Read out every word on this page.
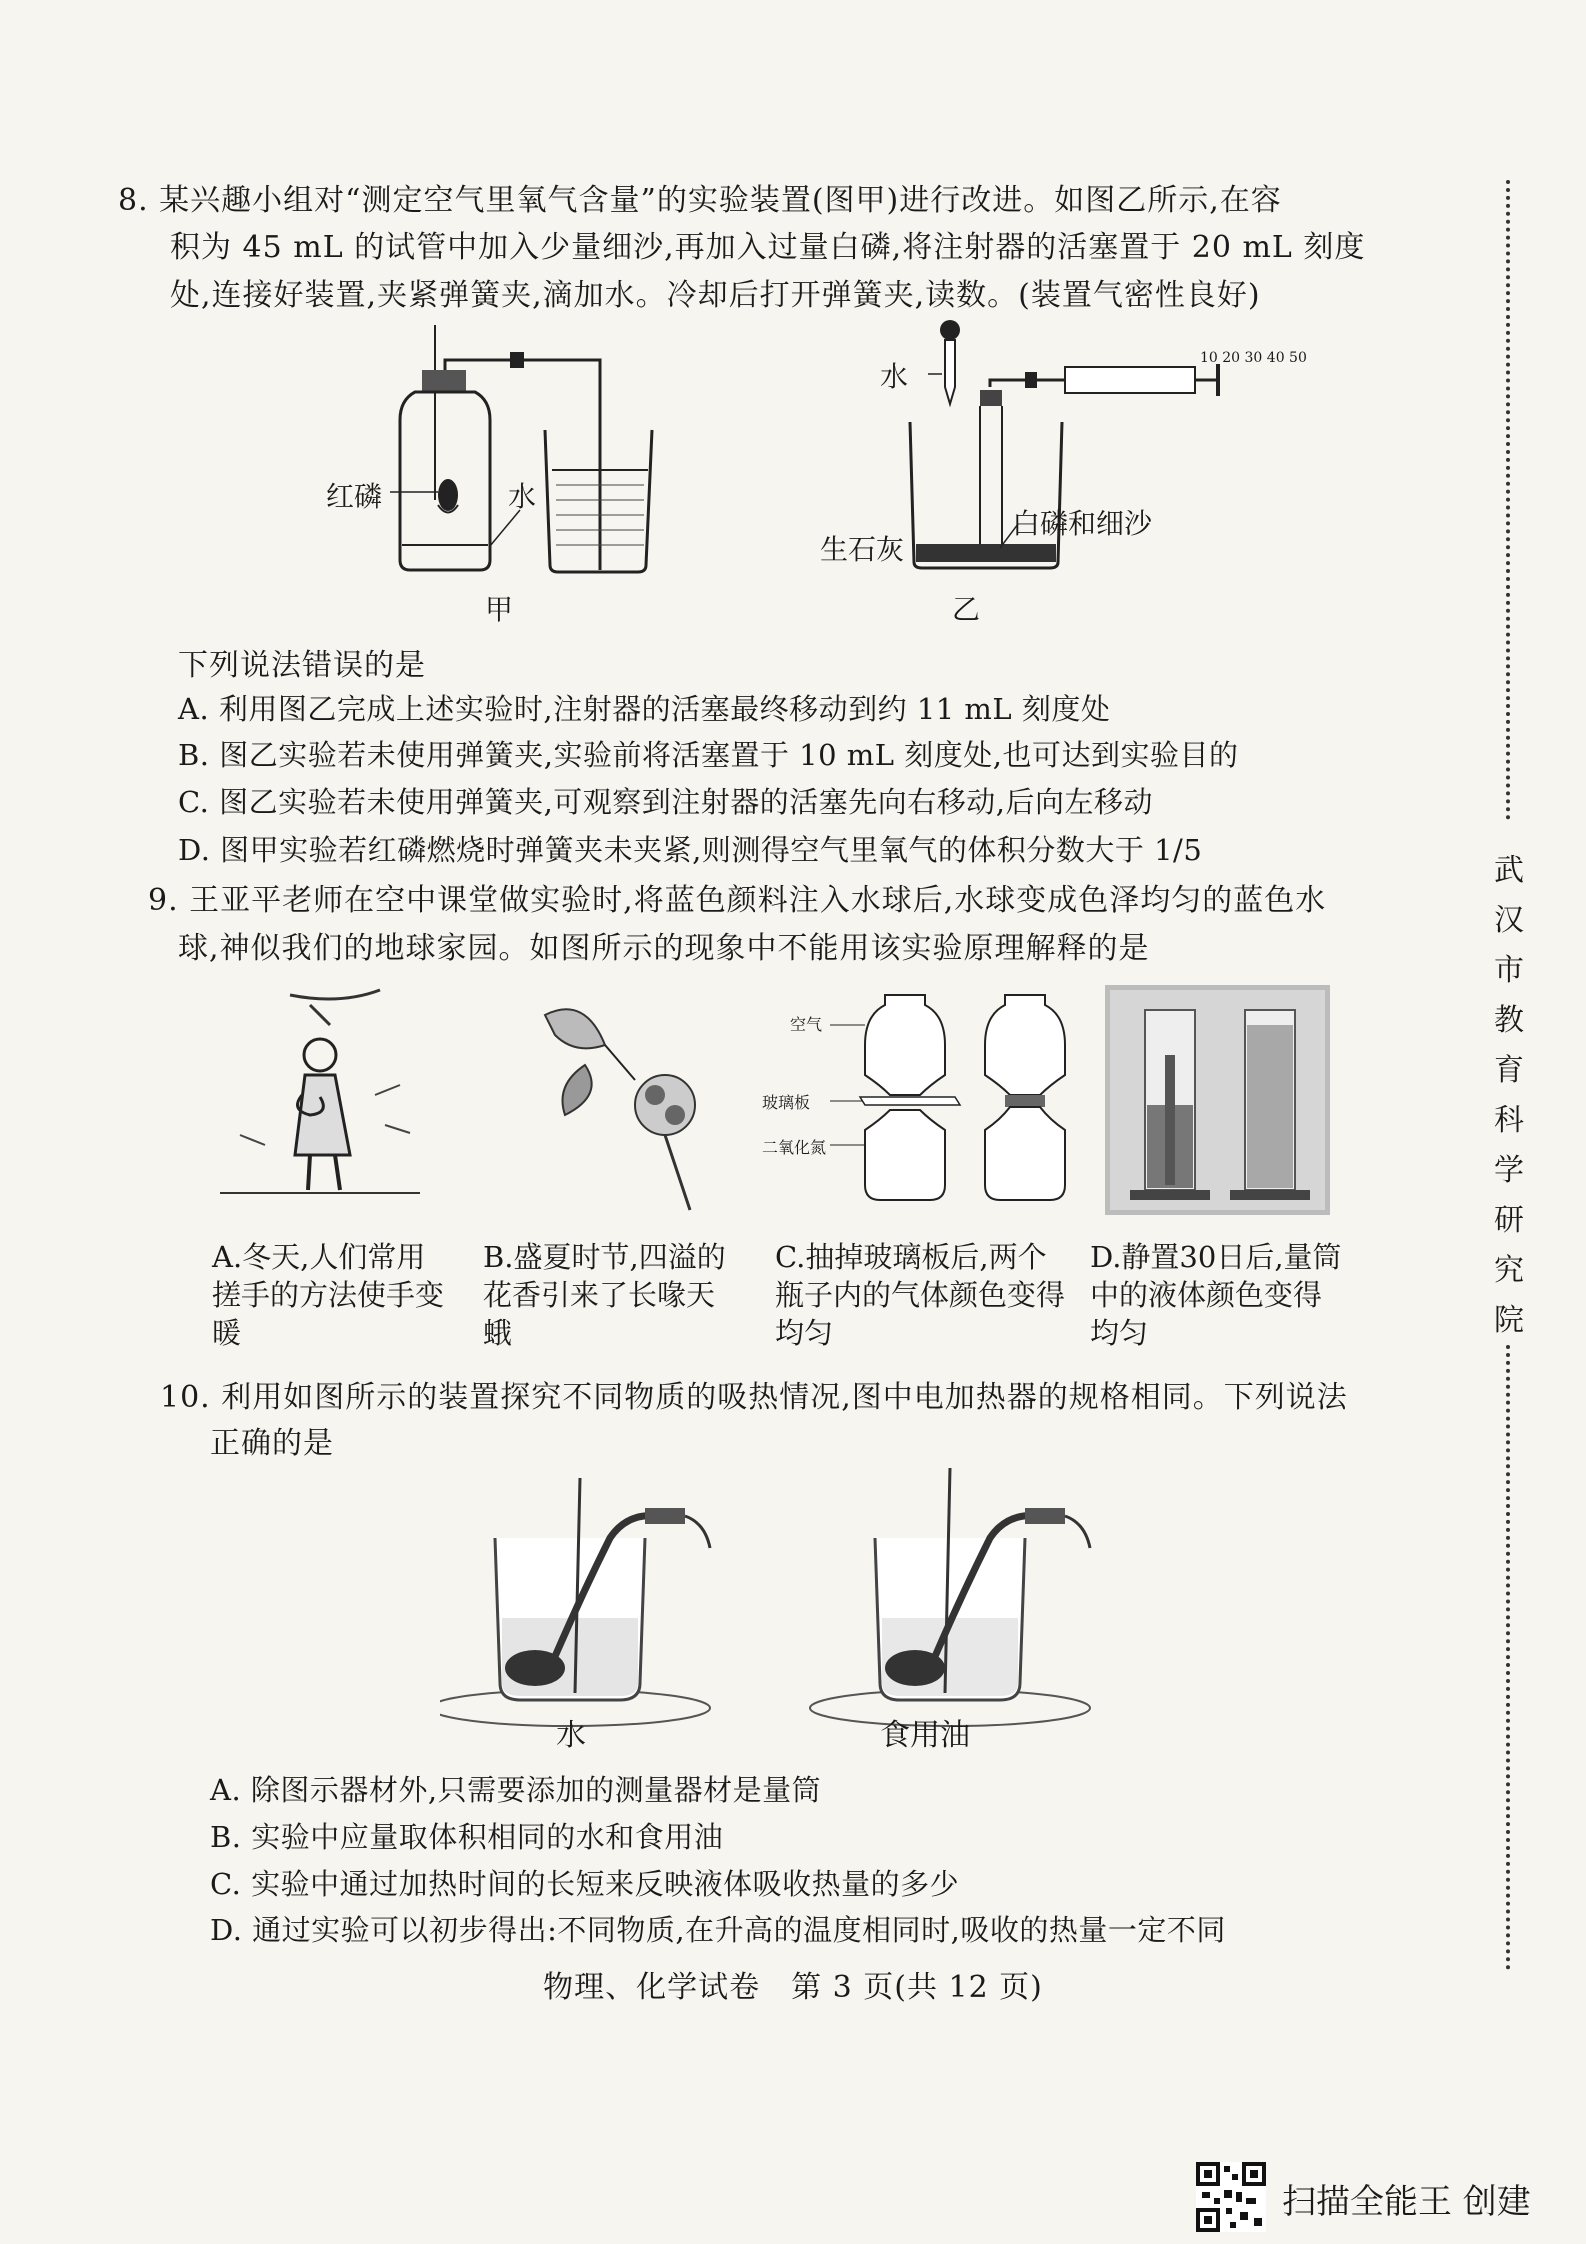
8. 某兴趣小组对“测定空气里氧气含量”的实验装置(图甲)进行改进。如图乙所示,在容
积为 45 mL 的试管中加入少量细沙,再加入过量白磷,将注射器的活塞置于 20 mL 刻度
处,连接好装置,夹紧弹簧夹,滴加水。冷却后打开弹簧夹,读数。(装置气密性良好)
红磷	水
甲
10 20 30 40 50
水
生石灰
白磷和细沙
乙
下列说法错误的是
A. 利用图乙完成上述实验时,注射器的活塞最终移动到约 11 mL 刻度处
B. 图乙实验若未使用弹簧夹,实验前将活塞置于 10 mL 刻度处,也可达到实验目的
C. 图乙实验若未使用弹簧夹,可观察到注射器的活塞先向右移动,后向左移动
D. 图甲实验若红磷燃烧时弹簧夹未夹紧,则测得空气里氧气的体积分数大于 1/5
9. 王亚平老师在空中课堂做实验时,将蓝色颜料注入水球后,水球变成色泽均匀的蓝色水
球,神似我们的地球家园。如图所示的现象中不能用该实验原理解释的是
空气
玻璃板
二氧化氮
A.冬天,人们常用搓手的方法使手变暖
B.盛夏时节,四溢的花香引来了长喙天蛾
C.抽掉玻璃板后,两个瓶子内的气体颜色变得均匀
D.静置30日后,量筒中的液体颜色变得均匀
10. 利用如图所示的装置探究不同物质的吸热情况,图中电加热器的规格相同。下列说法
正确的是
水	食用油
A. 除图示器材外,只需要添加的测量器材是量筒
B. 实验中应量取体积相同的水和食用油
C. 实验中通过加热时间的长短来反映液体吸收热量的多少
D. 通过实验可以初步得出:不同物质,在升高的温度相同时,吸收的热量一定不同
物理、化学试卷　第 3 页(共 12 页)
武
汉
市
教
育
科
学
研
究
院
扫描全能王 创建
